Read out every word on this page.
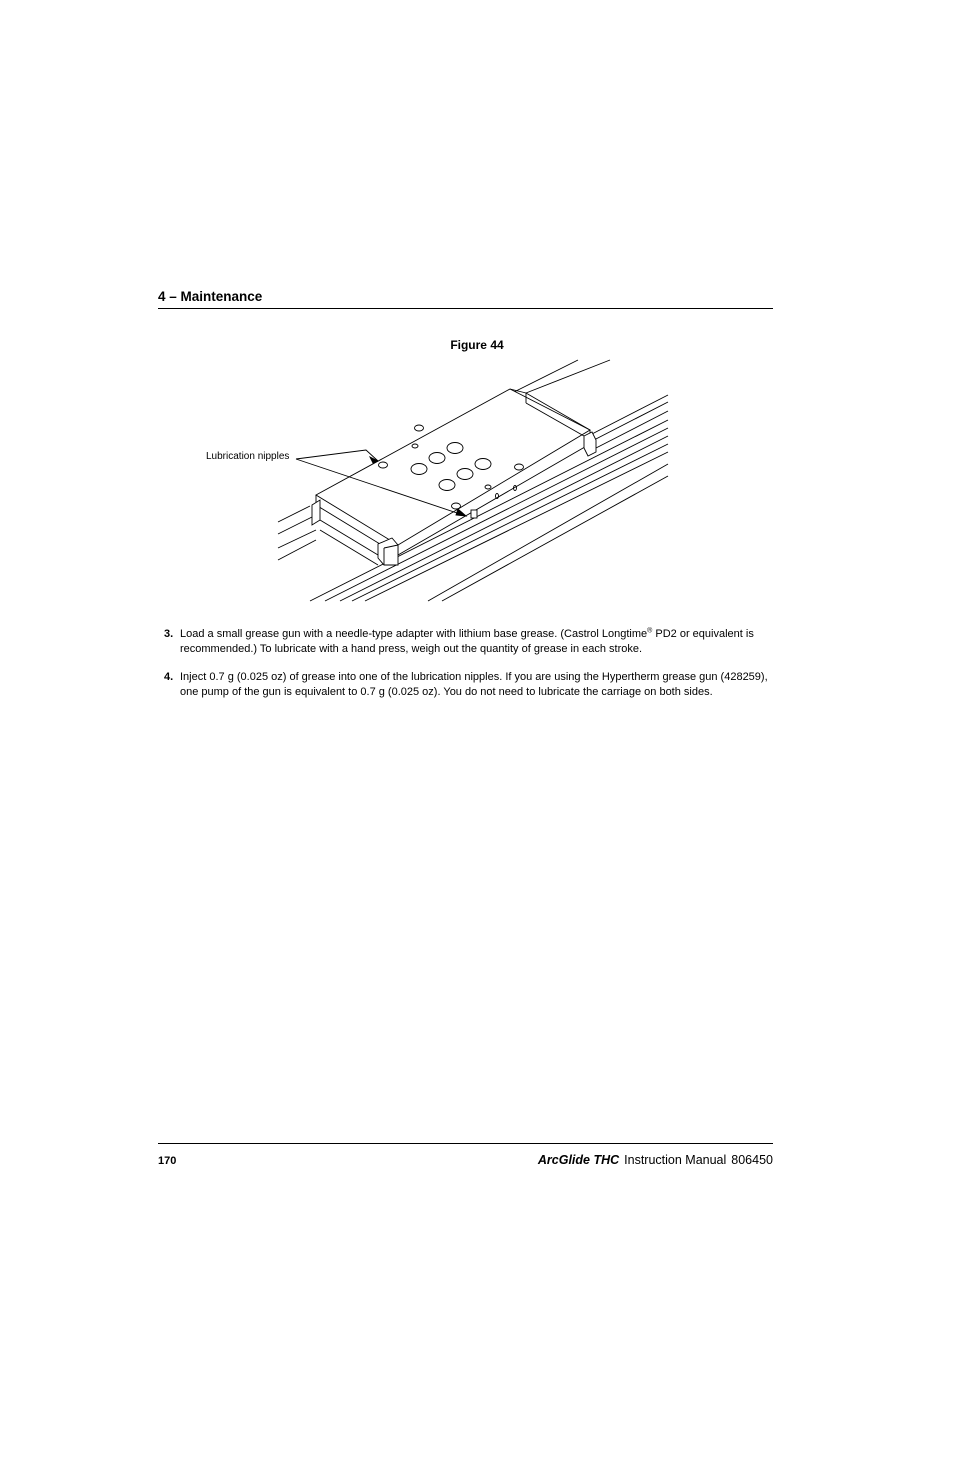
4 – Maintenance
Figure 44
Lubrication nipples
3. Load a small grease gun with a needle-type adapter with lithium base grease. (Castrol Longtime® PD2 or equivalent is recommended.) To lubricate with a hand press, weigh out the quantity of grease in each stroke.
4. Inject 0.7 g (0.025 oz) of grease into one of the lubrication nipples. If you are using the Hypertherm grease gun (428259), one pump of the gun is equivalent to 0.7 g (0.025 oz). You do not need to lubricate the carriage on both sides.
170	ArcGlide THC Instruction Manual 806450
